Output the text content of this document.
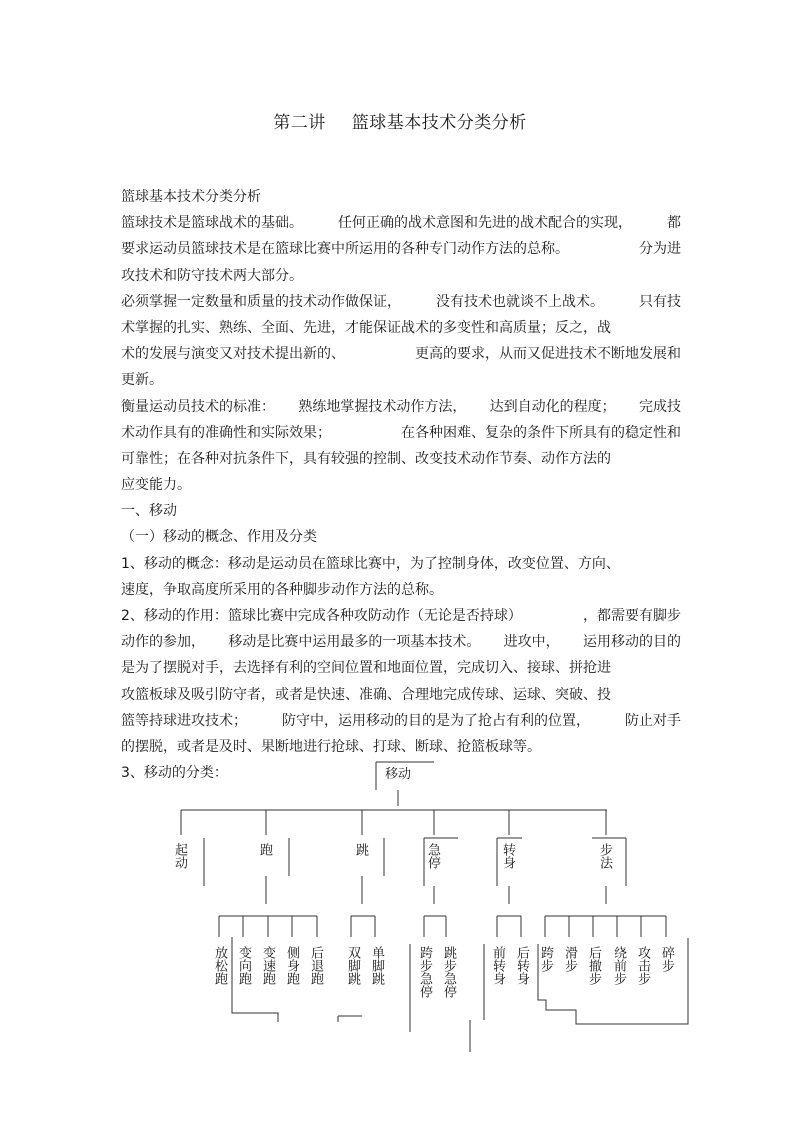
第二讲 篮球基本技术分类分析
篮球基本技术分类分析
篮球技术是篮球战术的基础。	任何正确的战术意图和先进的战术配合的实现，	都
要求运动员篮球技术是在篮球比赛中所运用的各种专门动作方法的总称。	分为进
攻技术和防守技术两大部分。
必须掌握一定数量和质量的技术动作做保证，	没有技术也就谈不上战术。	只有技
术掌握的扎实、熟练、全面、先进，才能保证战术的多变性和高质量；反之，战
术的发展与演变又对技术提出新的、	更高的要求，从而又促进技术不断地发展和
更新。
衡量运动员技术的标准： 熟练地掌握技术动作方法， 达到自动化的程度； 完成技
术动作具有的准确性和实际效果；	在各种困难、复杂的条件下所具有的稳定性和
可靠性；在各种对抗条件下，具有较强的控制、改变技术动作节奏、动作方法的
应变能力。
一、移动
（一）移动的概念、作用及分类
1、移动的概念：移动是运动员在篮球比赛中，为了控制身体，改变位置、方向、
速度，争取高度所采用的各种脚步动作方法的总称。
2、移动的作用：篮球比赛中完成各种攻防动作（无论是否持球）	，都需要有脚步
动作的参加， 移动是比赛中运用最多的一项基本技术。 进攻中， 运用移动的目的
是为了摆脱对手，去选择有利的空间位置和地面位置，完成切入、接球、拼抢进
攻篮板球及吸引防守者，或者是快速、准确、合理地完成传球、运球、突破、投
篮等持球进攻技术；	防守中，运用移动的目的是为了抢占有利的位置，	防止对手
的摆脱，或者是及时、果断地进行抢球、打球、断球、抢篮板球等。
3、移动的分类：	移动
起动	跑	跳	急停	转身	步法
放松跑 变向跑 变速跑 侧身跑 后退跑 双脚跳 单脚跳	跨步急停 跳步急停	前转身 后转身 跨步 滑步 后撤步 绕前步 攻击步 碎步
